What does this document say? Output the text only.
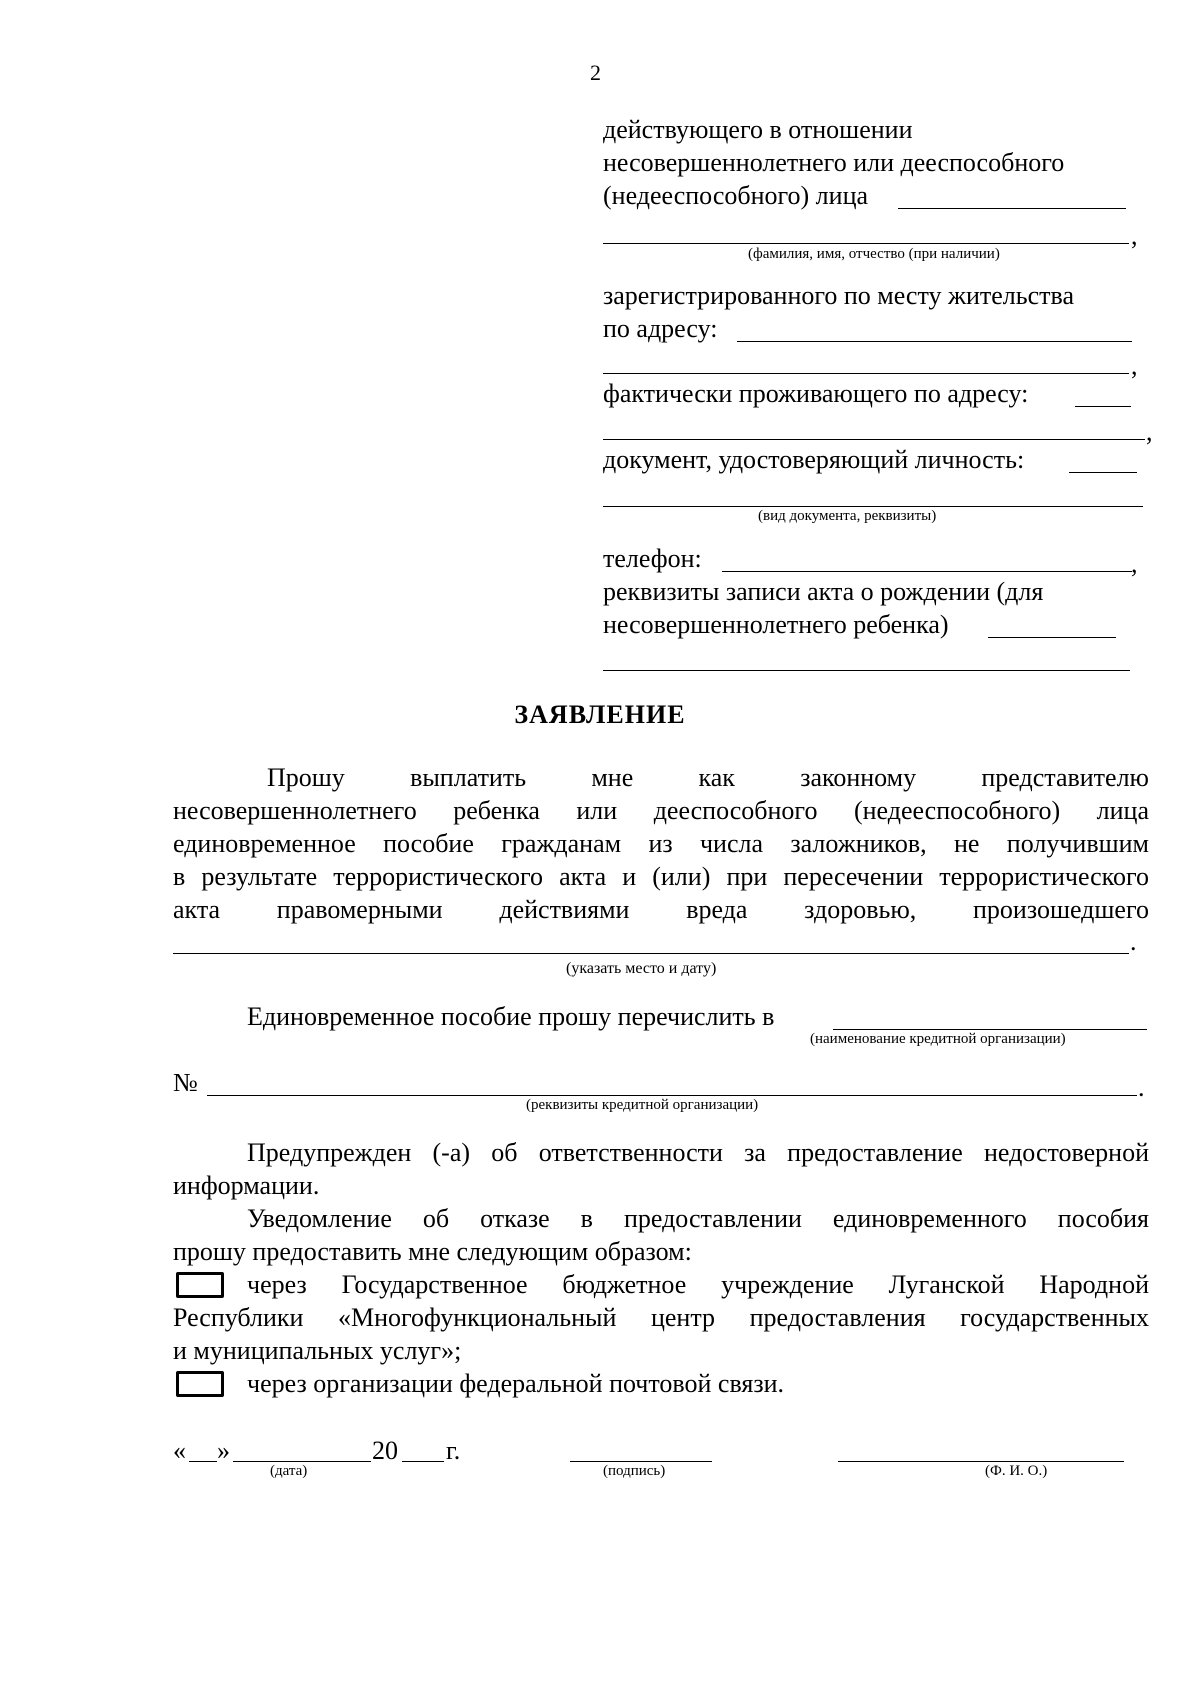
2
действующего в отношении
несовершеннолетнего или дееспособного
(недееспособного) лица
,
(фамилия, имя, отчество (при наличии)
зарегистрированного по месту жительства
по адресу:
,
фактически проживающего по адресу:
,
документ, удостоверяющий личность:
(вид документа, реквизиты)
телефон:	,
реквизиты записи акта о рождении (для
несовершеннолетнего ребенка)
ЗАЯВЛЕНИЕ
Прошу	выплатить	мне	как	законному	представителю
несовершеннолетнего ребенка или дееспособного (недееспособного) лица
единовременное пособие гражданам из числа заложников, не получившим
в результате террористического акта и (или) при пересечении террористического
акта правомерными действиями вреда здоровью, произошедшего
.
(указать место и дату)
Единовременное пособие прошу перечислить в
(наименование кредитной организации)
№	.
(реквизиты кредитной организации)
Предупрежден (-а) об ответственности за предоставление недостоверной
информации.
Уведомление об отказе в предоставлении единовременного пособия
прошу предоставить мне следующим образом:
через Государственное бюджетное учреждение Луганской Народной
Республики «Многофункциональный центр предоставления государственных
и муниципальных услуг»;
через организации федеральной почтовой связи.
« »	20 г.
(дата)	(подпись)	(Ф. И. О.)
